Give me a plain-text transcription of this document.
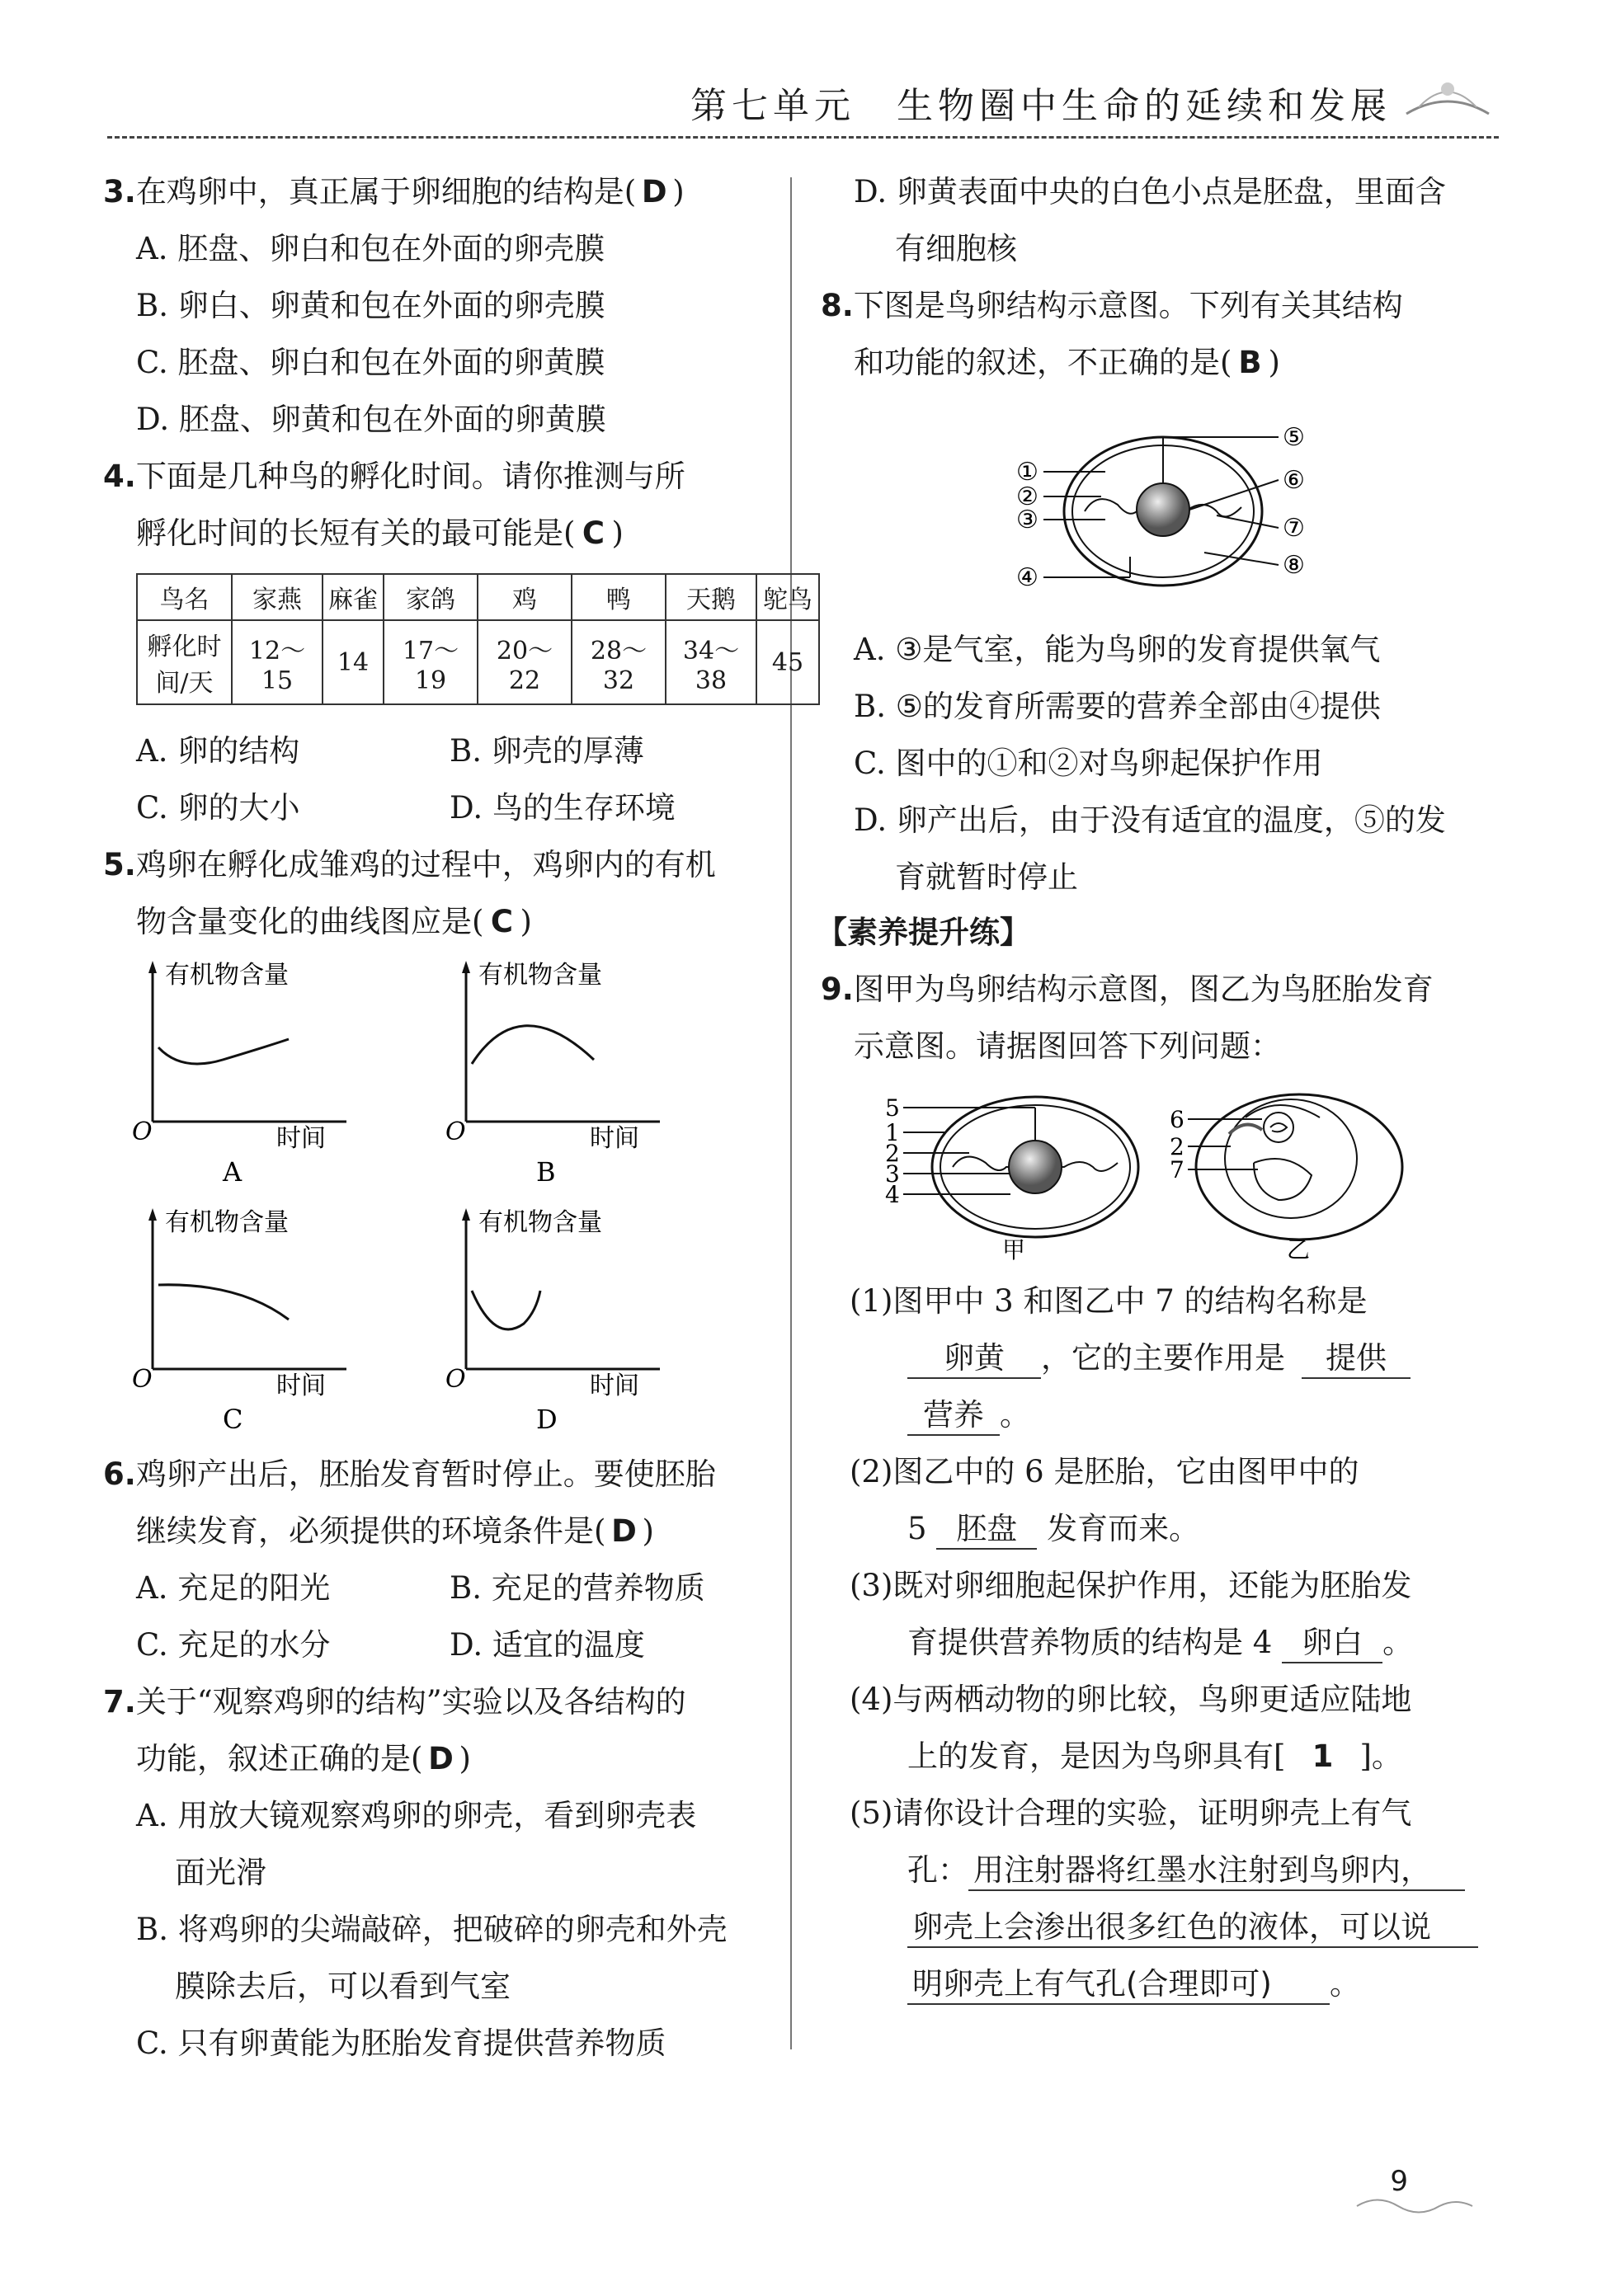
第七单元　生物圈中生命的延续和发展
3.在鸡卵中，真正属于卵细胞的结构是( D )
A. 胚盘、卵白和包在外面的卵壳膜
B. 卵白、卵黄和包在外面的卵壳膜
C. 胚盘、卵白和包在外面的卵黄膜
D. 胚盘、卵黄和包在外面的卵黄膜
4.下面是几种鸟的孵化时间。请你推测与所
孵化时间的长短有关的最可能是( C )
鸟名	家燕	麻雀	家鸽	鸡	鸭	天鹅	鸵鸟
孵化时
间/天	12～15	14	17～19	20～22	28～32	34～38	45
A. 卵的结构	B. 卵壳的厚薄
C. 卵的大小	D. 鸟的生存环境
5.鸡卵在孵化成雏鸡的过程中，鸡卵内的有机
物含量变化的曲线图应是( C )
有机物含量
O	时间
A
有机物含量
O	时间
B
有机物含量
O	时间
C
有机物含量
O	时间
D
6.鸡卵产出后，胚胎发育暂时停止。要使胚胎
继续发育，必须提供的环境条件是( D )
A. 充足的阳光	B. 充足的营养物质
C. 充足的水分	D. 适宜的温度
7.关于“观察鸡卵的结构”实验以及各结构的
功能，叙述正确的是( D )
A. 用放大镜观察鸡卵的卵壳，看到卵壳表
面光滑
B. 将鸡卵的尖端敲碎，把破碎的卵壳和外壳
膜除去后，可以看到气室
C. 只有卵黄能为胚胎发育提供营养物质
D. 卵黄表面中央的白色小点是胚盘，里面含
有细胞核
8.下图是鸟卵结构示意图。下列有关其结构
和功能的叙述，不正确的是( B )
①
②
③
④
⑤
⑥
⑦
⑧
A. ③是气室，能为鸟卵的发育提供氧气
B. ⑤的发育所需要的营养全部由④提供
C. 图中的①和②对鸟卵起保护作用
D. 卵产出后，由于没有适宜的温度，⑤的发
育就暂时停止
【素养提升练】
9.图甲为鸟卵结构示意图，图乙为鸟胚胎发育
示意图。请据图回答下列问题：
5
1
2
3
4
甲
6
2
7
乙
(1)图甲中 3 和图乙中 7 的结构名称是
卵黄 ，它的主要作用是 提供
营养 。
(2)图乙中的 6 是胚胎，它由图甲中的
5 胚盘 发育而来。
(3)既对卵细胞起保护作用，还能为胚胎发
育提供营养物质的结构是 4 卵白 。
(4)与两栖动物的卵比较，鸟卵更适应陆地
上的发育，是因为鸟卵具有[ 1 ]。
(5)请你设计合理的实验，证明卵壳上有气
孔： 用注射器将红墨水注射到鸟卵内，
卵壳上会渗出很多红色的液体，可以说
明卵壳上有气孔(合理即可) 。
9
